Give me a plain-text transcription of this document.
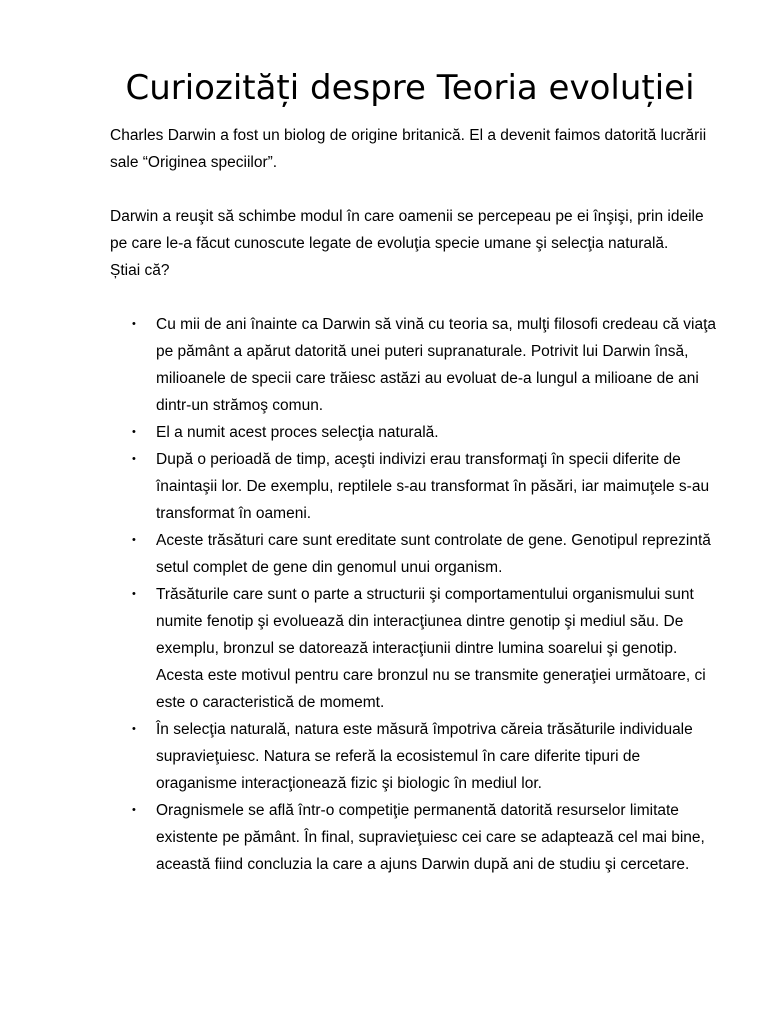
Curiozități despre Teoria evoluției

Charles Darwin a fost un biolog de origine britanică. El a devenit faimos datorită lucrării sale “Originea speciilor”.

Darwin a reuşit să schimbe modul în care oamenii se percepeau pe ei înşişi, prin ideile pe care le-a făcut cunoscute legate de evoluţia specie umane şi selecţia naturală.

Știai că?

• Cu mii de ani înainte ca Darwin să vină cu teoria sa, mulţi filosofi credeau că viaţa pe pământ a apărut datorită unei puteri supranaturale. Potrivit lui Darwin însă, milioanele de specii care trăiesc astăzi au evoluat de-a lungul a milioane de ani dintr-un strămoş comun.
• El a numit acest proces selecţia naturală.
• După o perioadă de timp, aceşti indivizi erau transformaţi în specii diferite de înaintaşii lor. De exemplu, reptilele s-au transformat în păsări, iar maimuţele s-au transformat în oameni.
• Aceste trăsături care sunt ereditate sunt controlate de gene. Genotipul reprezintă setul complet de gene din genomul unui organism.
• Trăsăturile care sunt o parte a structurii şi comportamentului organismului sunt numite fenotip şi evoluează din interacţiunea dintre genotip şi mediul său. De exemplu, bronzul se datorează interacţiunii dintre lumina soarelui şi genotip. Acesta este motivul pentru care bronzul nu se transmite generaţiei următoare, ci este o caracteristică de momemt.
• În selecţia naturală, natura este măsură împotriva căreia trăsăturile individuale supravieţuiesc. Natura se referă la ecosistemul în care diferite tipuri de oraganisme interacţionează fizic şi biologic în mediul lor.
• Oragnismele se află într-o competiţie permanentă datorită resurselor limitate existente pe pământ. În final, supravieţuiesc cei care se adaptează cel mai bine, această fiind concluzia la care a ajuns Darwin după ani de studiu şi cercetare.
